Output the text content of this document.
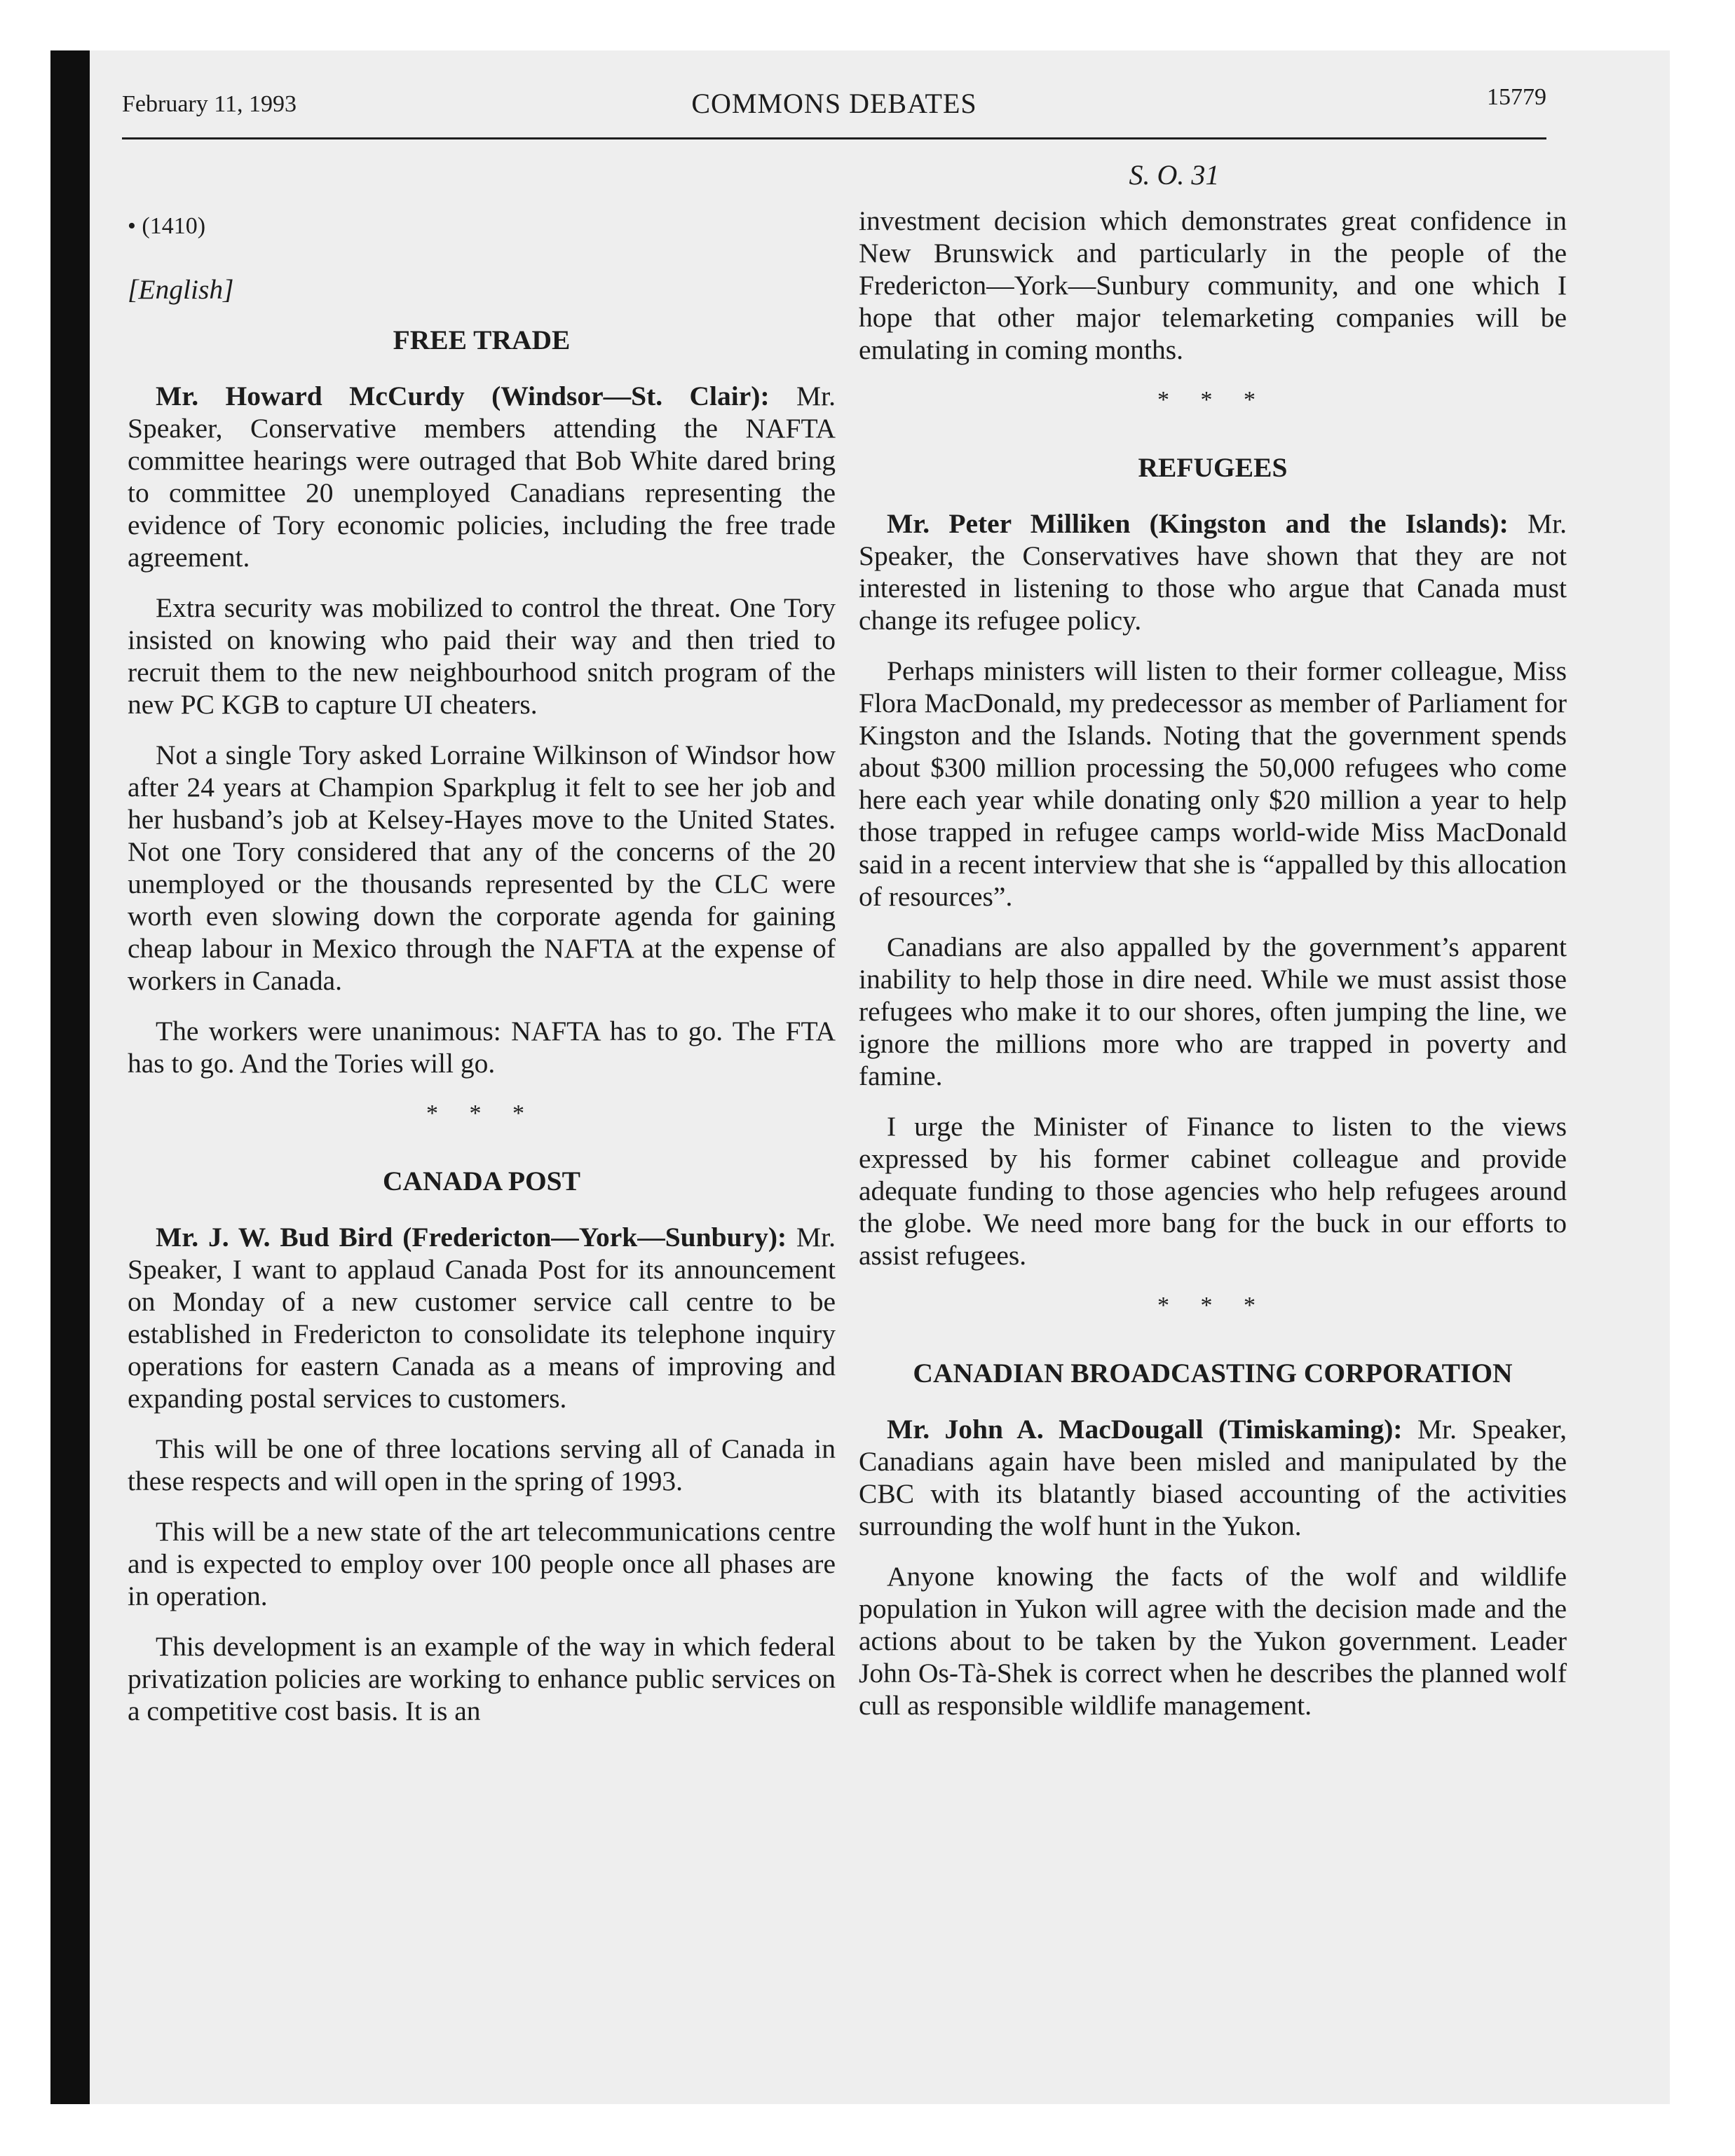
February 11, 1993	COMMONS DEBATES	15779
S. O. 31
• (1410)
[English]
FREE TRADE

Mr. Howard McCurdy (Windsor—St. Clair): Mr. Speaker, Conservative members attending the NAFTA committee hearings were outraged that Bob White dared bring to committee 20 unemployed Canadians representing the evidence of Tory economic policies, including the free trade agreement.

Extra security was mobilized to control the threat. One Tory insisted on knowing who paid their way and then tried to recruit them to the new neighbourhood snitch program of the new PC KGB to capture UI cheaters.

Not a single Tory asked Lorraine Wilkinson of Windsor how after 24 years at Champion Sparkplug it felt to see her job and her husband’s job at Kelsey-Hayes move to the United States. Not one Tory considered that any of the concerns of the 20 unemployed or the thousands represented by the CLC were worth even slowing down the corporate agenda for gaining cheap labour in Mexico through the NAFTA at the expense of workers in Canada.

The workers were unanimous: NAFTA has to go. The FTA has to go. And the Tories will go.

* * *
CANADA POST

Mr. J. W. Bud Bird (Fredericton—York—Sunbury): Mr. Speaker, I want to applaud Canada Post for its announcement on Monday of a new customer service call centre to be established in Fredericton to consolidate its telephone inquiry operations for eastern Canada as a means of improving and expanding postal services to customers.

This will be one of three locations serving all of Canada in these respects and will open in the spring of 1993.

This will be a new state of the art telecommunications centre and is expected to employ over 100 people once all phases are in operation.

This development is an example of the way in which federal privatization policies are working to enhance public services on a competitive cost basis. It is an

investment decision which demonstrates great confidence in New Brunswick and particularly in the people of the Fredericton—York—Sunbury community, and one which I hope that other major telemarketing companies will be emulating in coming months.

* * *
REFUGEES

Mr. Peter Milliken (Kingston and the Islands): Mr. Speaker, the Conservatives have shown that they are not interested in listening to those who argue that Canada must change its refugee policy.

Perhaps ministers will listen to their former colleague, Miss Flora MacDonald, my predecessor as member of Parliament for Kingston and the Islands. Noting that the government spends about $300 million processing the 50,000 refugees who come here each year while donating only $20 million a year to help those trapped in refugee camps world-wide Miss MacDonald said in a recent interview that she is “appalled by this allocation of resources”.

Canadians are also appalled by the government’s apparent inability to help those in dire need. While we must assist those refugees who make it to our shores, often jumping the line, we ignore the millions more who are trapped in poverty and famine.

I urge the Minister of Finance to listen to the views expressed by his former cabinet colleague and provide adequate funding to those agencies who help refugees around the globe. We need more bang for the buck in our efforts to assist refugees.

* * *
CANADIAN BROADCASTING CORPORATION

Mr. John A. MacDougall (Timiskaming): Mr. Speaker, Canadians again have been misled and manipulated by the CBC with its blatantly biased accounting of the activities surrounding the wolf hunt in the Yukon.

Anyone knowing the facts of the wolf and wildlife population in Yukon will agree with the decision made and the actions about to be taken by the Yukon government. Leader John Os-Tà-Shek is correct when he describes the planned wolf cull as responsible wildlife management.
